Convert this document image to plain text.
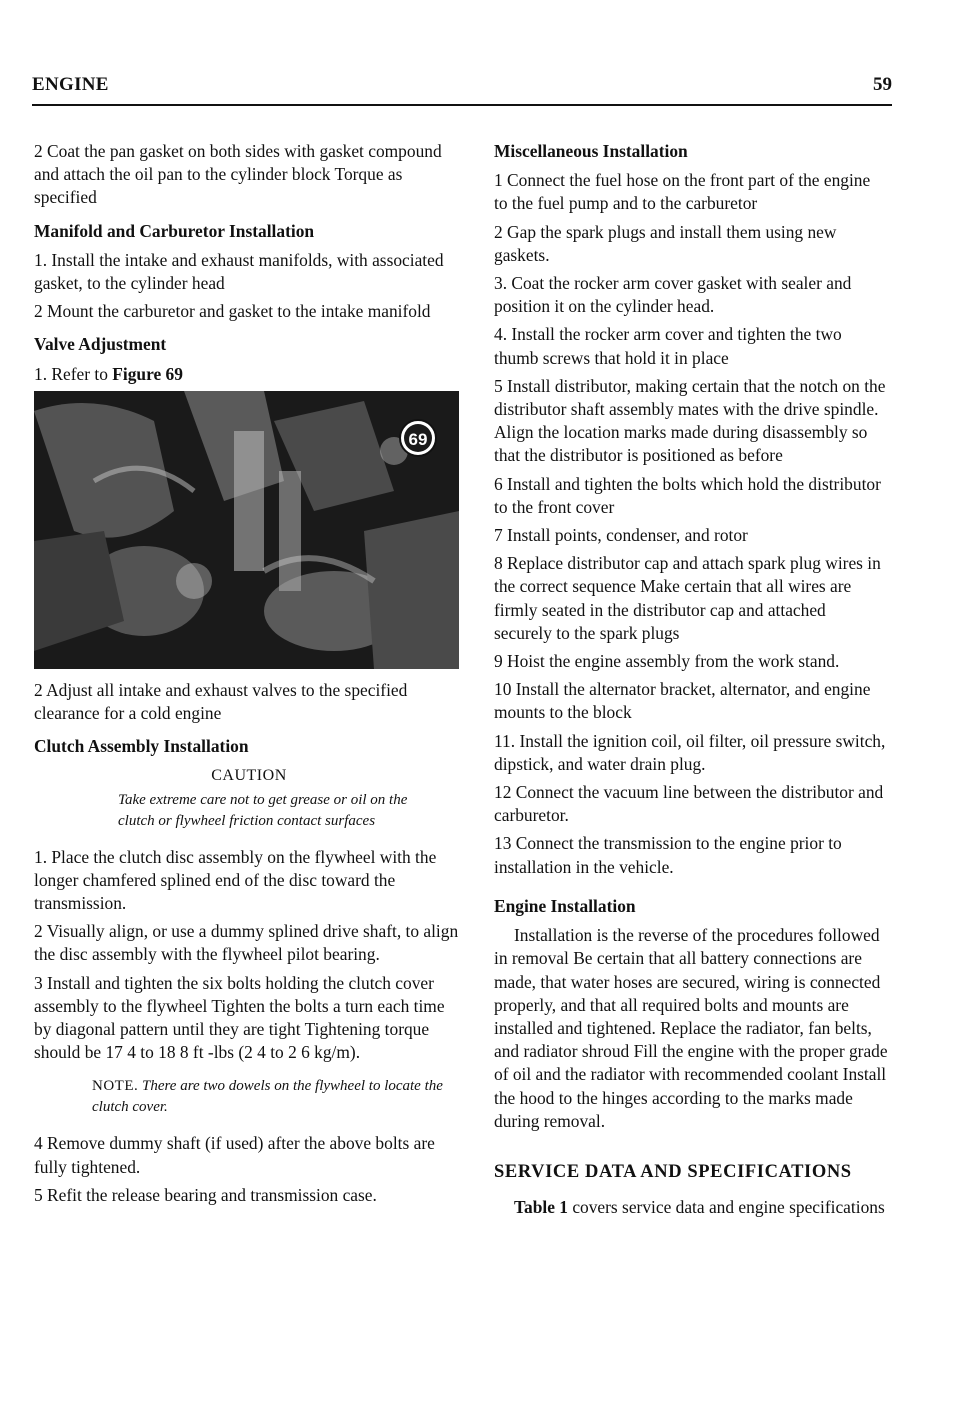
ENGINE	59

2 Coat the pan gasket on both sides with gasket compound and attach the oil pan to the cylinder block Torque as specified

Manifold and Carburetor Installation

1. Install the intake and exhaust manifolds, with associated gasket, to the cylinder head

2 Mount the carburetor and gasket to the intake manifold

Valve Adjustment

1. Refer to Figure 69

69

2 Adjust all intake and exhaust valves to the specified clearance for a cold engine

Clutch Assembly Installation
CAUTION
Take extreme care not to get grease or oil on the clutch or flywheel friction contact surfaces

1. Place the clutch disc assembly on the flywheel with the longer chamfered splined end of the disc toward the transmission.

2 Visually align, or use a dummy splined drive shaft, to align the disc assembly with the flywheel pilot bearing.

3 Install and tighten the six bolts holding the clutch cover assembly to the flywheel Tighten the bolts a turn each time by diagonal pattern until they are tight Tightening torque should be 17 4 to 18 8 ft -lbs (2 4 to 2 6 kg/m).

NOTE. There are two dowels on the flywheel to locate the clutch cover.

4 Remove dummy shaft (if used) after the above bolts are fully tightened.

5 Refit the release bearing and transmission case.

Miscellaneous Installation

1 Connect the fuel hose on the front part of the engine to the fuel pump and to the carburetor

2 Gap the spark plugs and install them using new gaskets.

3. Coat the rocker arm cover gasket with sealer and position it on the cylinder head.

4. Install the rocker arm cover and tighten the two thumb screws that hold it in place

5 Install distributor, making certain that the notch on the distributor shaft assembly mates with the drive spindle. Align the location marks made during disassembly so that the distributor is positioned as before

6 Install and tighten the bolts which hold the distributor to the front cover

7 Install points, condenser, and rotor

8 Replace distributor cap and attach spark plug wires in the correct sequence Make certain that all wires are firmly seated in the distributor cap and attached securely to the spark plugs

9 Hoist the engine assembly from the work stand.

10 Install the alternator bracket, alternator, and engine mounts to the block

11. Install the ignition coil, oil filter, oil pressure switch, dipstick, and water drain plug.

12 Connect the vacuum line between the distributor and carburetor.

13 Connect the transmission to the engine prior to installation in the vehicle.

Engine Installation

Installation is the reverse of the procedures followed in removal Be certain that all battery connections are made, that water hoses are secured, wiring is connected properly, and that all required bolts and mounts are installed and tightened. Replace the radiator, fan belts, and radiator shroud Fill the engine with the proper grade of oil and the radiator with recommended coolant Install the hood to the hinges according to the marks made during removal.

SERVICE DATA AND SPECIFICATIONS

Table 1 covers service data and engine specifications
